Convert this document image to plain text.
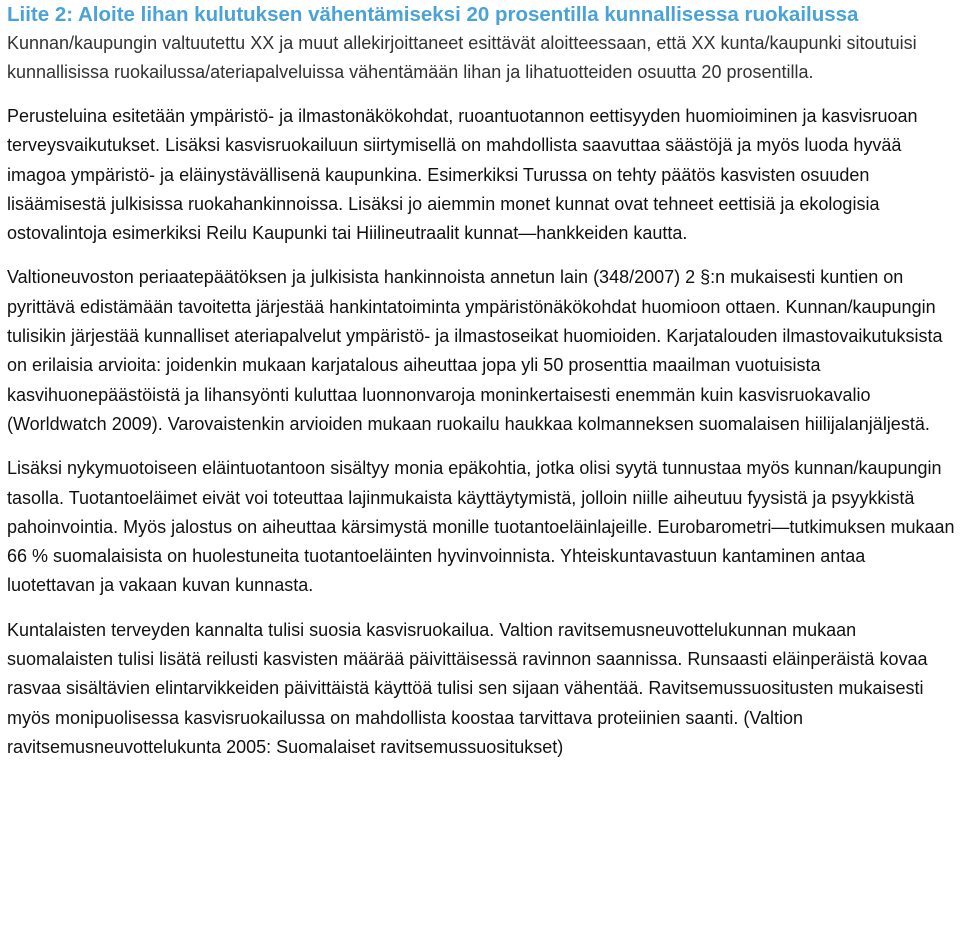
Liite 2: Aloite lihan kulutuksen vähentämiseksi 20 prosentilla kunnallisessa ruokailussa

Kunnan/kaupungin valtuutettu XX ja muut allekirjoittaneet esittävät aloitteessaan, että XX kunta/kaupunki sitoutuisi kunnallisissa ruokailussa/ateriapalveluissa vähentämään lihan ja lihatuotteiden osuutta 20 prosentilla.

Perusteluina esitetään ympäristö- ja ilmastonäkökohdat, ruoantuotannon eettisyyden huomioiminen ja kasvisruoan terveysvaikutukset. Lisäksi kasvisruokailuun siirtymisellä on mahdollista saavuttaa säästöjä ja myös luoda hyvää imagoa ympäristö- ja eläinystävällisenä kaupunkina. Esimerkiksi Turussa on tehty päätös kasvisten osuuden lisäämisestä julkisissa ruokahankinnoissa. Lisäksi jo aiemmin monet kunnat ovat tehneet eettisiä ja ekologisia ostovalintoja esimerkiksi Reilu Kaupunki tai Hiilineutraalit kunnat—hankkeiden kautta.

Valtioneuvoston periaatepäätöksen ja julkisista hankinnoista annetun lain (348/2007) 2 §:n mukaisesti kuntien on pyrittävä edistämään tavoitetta järjestää hankintatoiminta ympäristönäkökohdat huomioon ottaen. Kunnan/kaupungin tulisikin järjestää kunnalliset ateriapalvelut ympäristö- ja ilmastoseikat huomioiden. Karjatalouden ilmastovaikutuksista on erilaisia arvioita: joidenkin mukaan karjatalous aiheuttaa jopa yli 50 prosenttia maailman vuotuisista kasvihuonepäästöistä ja lihansyönti kuluttaa luonnonvaroja moninkertaisesti enemmän kuin kasvisruokavalio (Worldwatch 2009). Varovaistenkin arvioiden mukaan ruokailu haukkaa kolmanneksen suomalaisen hiilijalanjäljestä.

Lisäksi nykymuotoiseen eläintuotantoon sisältyy monia epäkohtia, jotka olisi syytä tunnustaa myös kunnan/kaupungin tasolla. Tuotantoeläimet eivät voi toteuttaa lajinmukaista käyttäytymistä, jolloin niille aiheutuu fyysistä ja psyykkistä pahoinvointia. Myös jalostus on aiheuttaa kärsimystä monille tuotantoeläinlajeille. Eurobarometri—tutkimuksen mukaan 66 % suomalaisista on huolestuneita tuotantoeläinten hyvinvoinnista. Yhteiskuntavastuun kantaminen antaa luotettavan ja vakaan kuvan kunnasta.

Kuntalaisten terveyden kannalta tulisi suosia kasvisruokailua. Valtion ravitsemusneuvottelukunnan mukaan suomalaisten tulisi lisätä reilusti kasvisten määrää päivittäisessä ravinnon saannissa. Runsaasti eläinperäistä kovaa rasvaa sisältävien elintarvikkeiden päivittäistä käyttöä tulisi sen sijaan vähentää. Ravitsemussuositusten mukaisesti myös monipuolisessa kasvisruokailussa on mahdollista koostaa tarvittava proteiinien saanti. (Valtion ravitsemusneuvottelukunta 2005: Suomalaiset ravitsemussuositukset)
